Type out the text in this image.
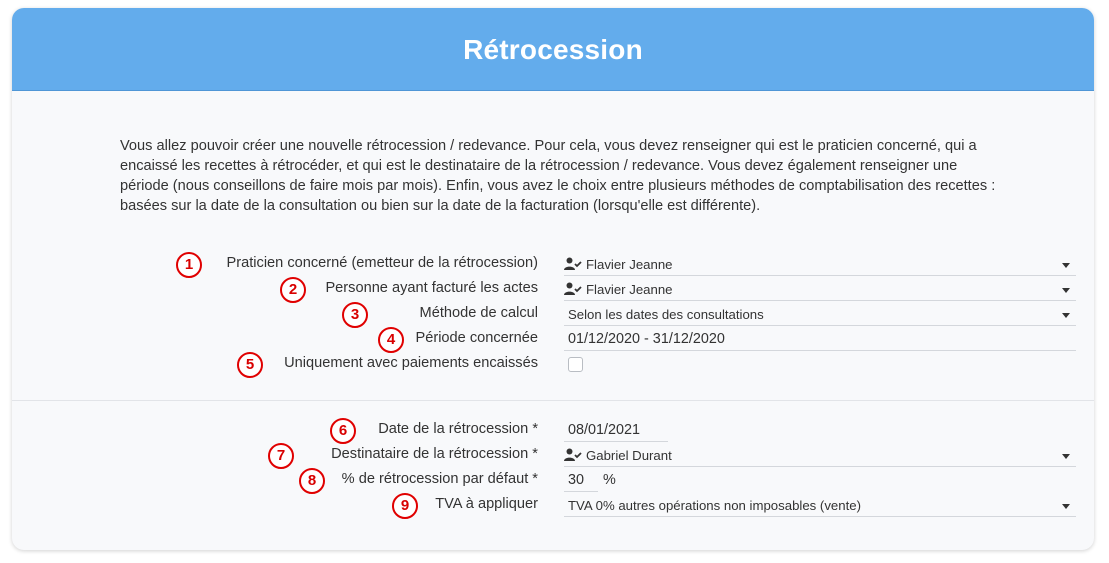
Rétrocession
Vous allez pouvoir créer une nouvelle rétrocession / redevance. Pour cela, vous devez renseigner qui est le praticien concerné, qui a encaissé les recettes à rétrocéder, et qui est le destinataire de la rétrocession / redevance. Vous devez également renseigner une période (nous conseillons de faire mois par mois). Enfin, vous avez le choix entre plusieurs méthodes de comptabilisation des recettes : basées sur la date de la consultation ou bien sur la date de la facturation (lorsqu'elle est différente).
1	Praticien concerné (emetteur de la rétrocession)	Flavier Jeanne
2	Personne ayant facturé les actes	Flavier Jeanne
3	Méthode de calcul	Selon les dates des consultations
4	Période concernée 01/12/2020 - 31/12/2020
5	Uniquement avec paiements encaissés
6	Date de la rétrocession * 08/01/2021
7	Destinataire de la rétrocession *	Gabriel Durant
8	% de rétrocession par défaut * 30 %
9	TVA à appliquer	TVA 0% autres opérations non imposables (vente)
